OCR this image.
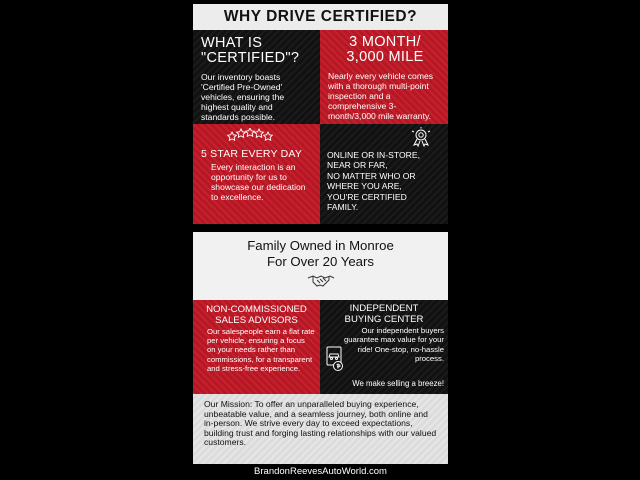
WHY DRIVE CERTIFIED?
WHAT IS
"CERTIFIED"?
Our inventory boasts 'Certified Pre-Owned' vehicles, ensuring the highest quality and standards possible.
3 MONTH/
3,000 MILE
Nearly every vehicle comes with a thorough multi-point inspection and a comprehensive 3-month/3,000 mile warranty.
5 STAR EVERY DAY
Every interaction is an opportunity for us to showcase our dedication to excellence.
ONLINE OR IN-STORE,
NEAR OR FAR,
NO MATTER WHO OR
WHERE YOU ARE,
YOU'RE CERTIFIED
FAMILY.
Family Owned in Monroe
For Over 20 Years
NON-COMMISSIONED
SALES ADVISORS
Our salespeople earn a flat rate per vehicle, ensuring a focus on your needs rather than commissions, for a transparent and stress-free experience.
INDEPENDENT
BUYING CENTER
Our independent buyers guarantee max value for your ride! One-stop, no-hassle process.
We make selling a breeze!
Our Mission: To offer an unparalleled buying experience, unbeatable value, and a seamless journey, both online and in-person. We strive every day to exceed expectations, building trust and forging lasting relationships with our valued customers.
BrandonReevesAutoWorld.com
